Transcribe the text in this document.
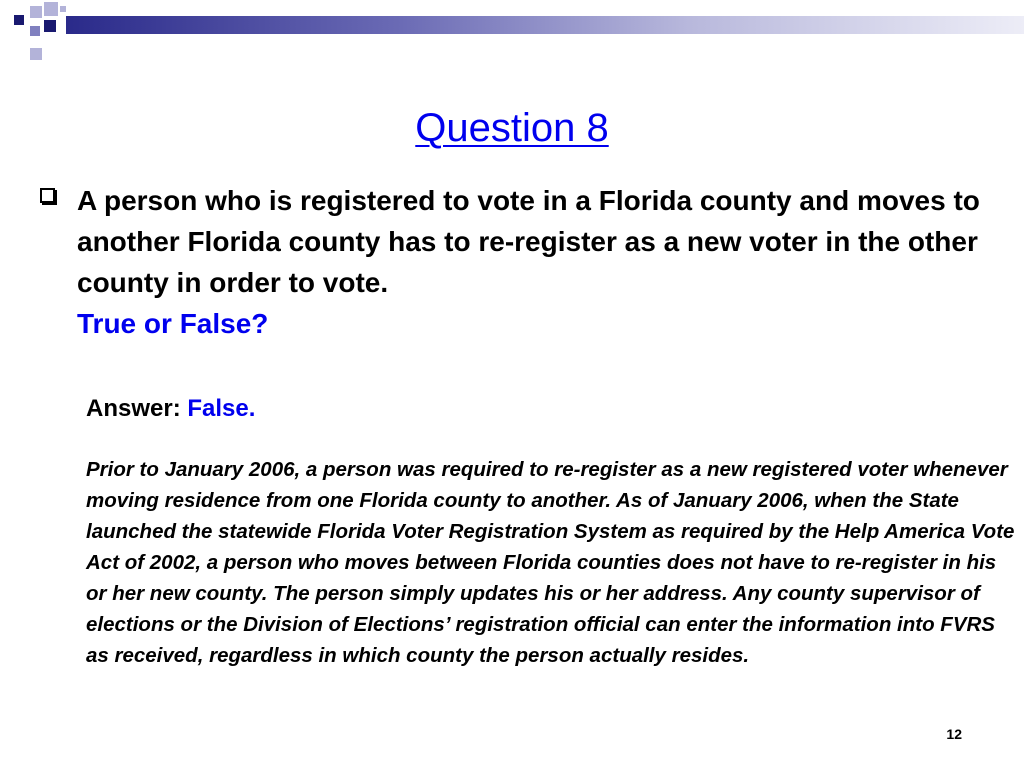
Question 8
A person who is registered to vote in a Florida county and moves to another Florida county has to re-register as a new voter in the other county in order to vote.
True or False?
Answer: False.
Prior to January 2006, a person was required to re-register as a new registered voter whenever moving residence from one Florida county to another. As of January 2006, when the State launched the statewide Florida Voter Registration System as required by the Help America Vote Act of 2002, a person who moves between Florida counties does not have to re-register in his or her new county. The person simply updates his or her address. Any county supervisor of elections or the Division of Elections’ registration official can enter the information into FVRS as received, regardless in which county the person actually resides.
12
